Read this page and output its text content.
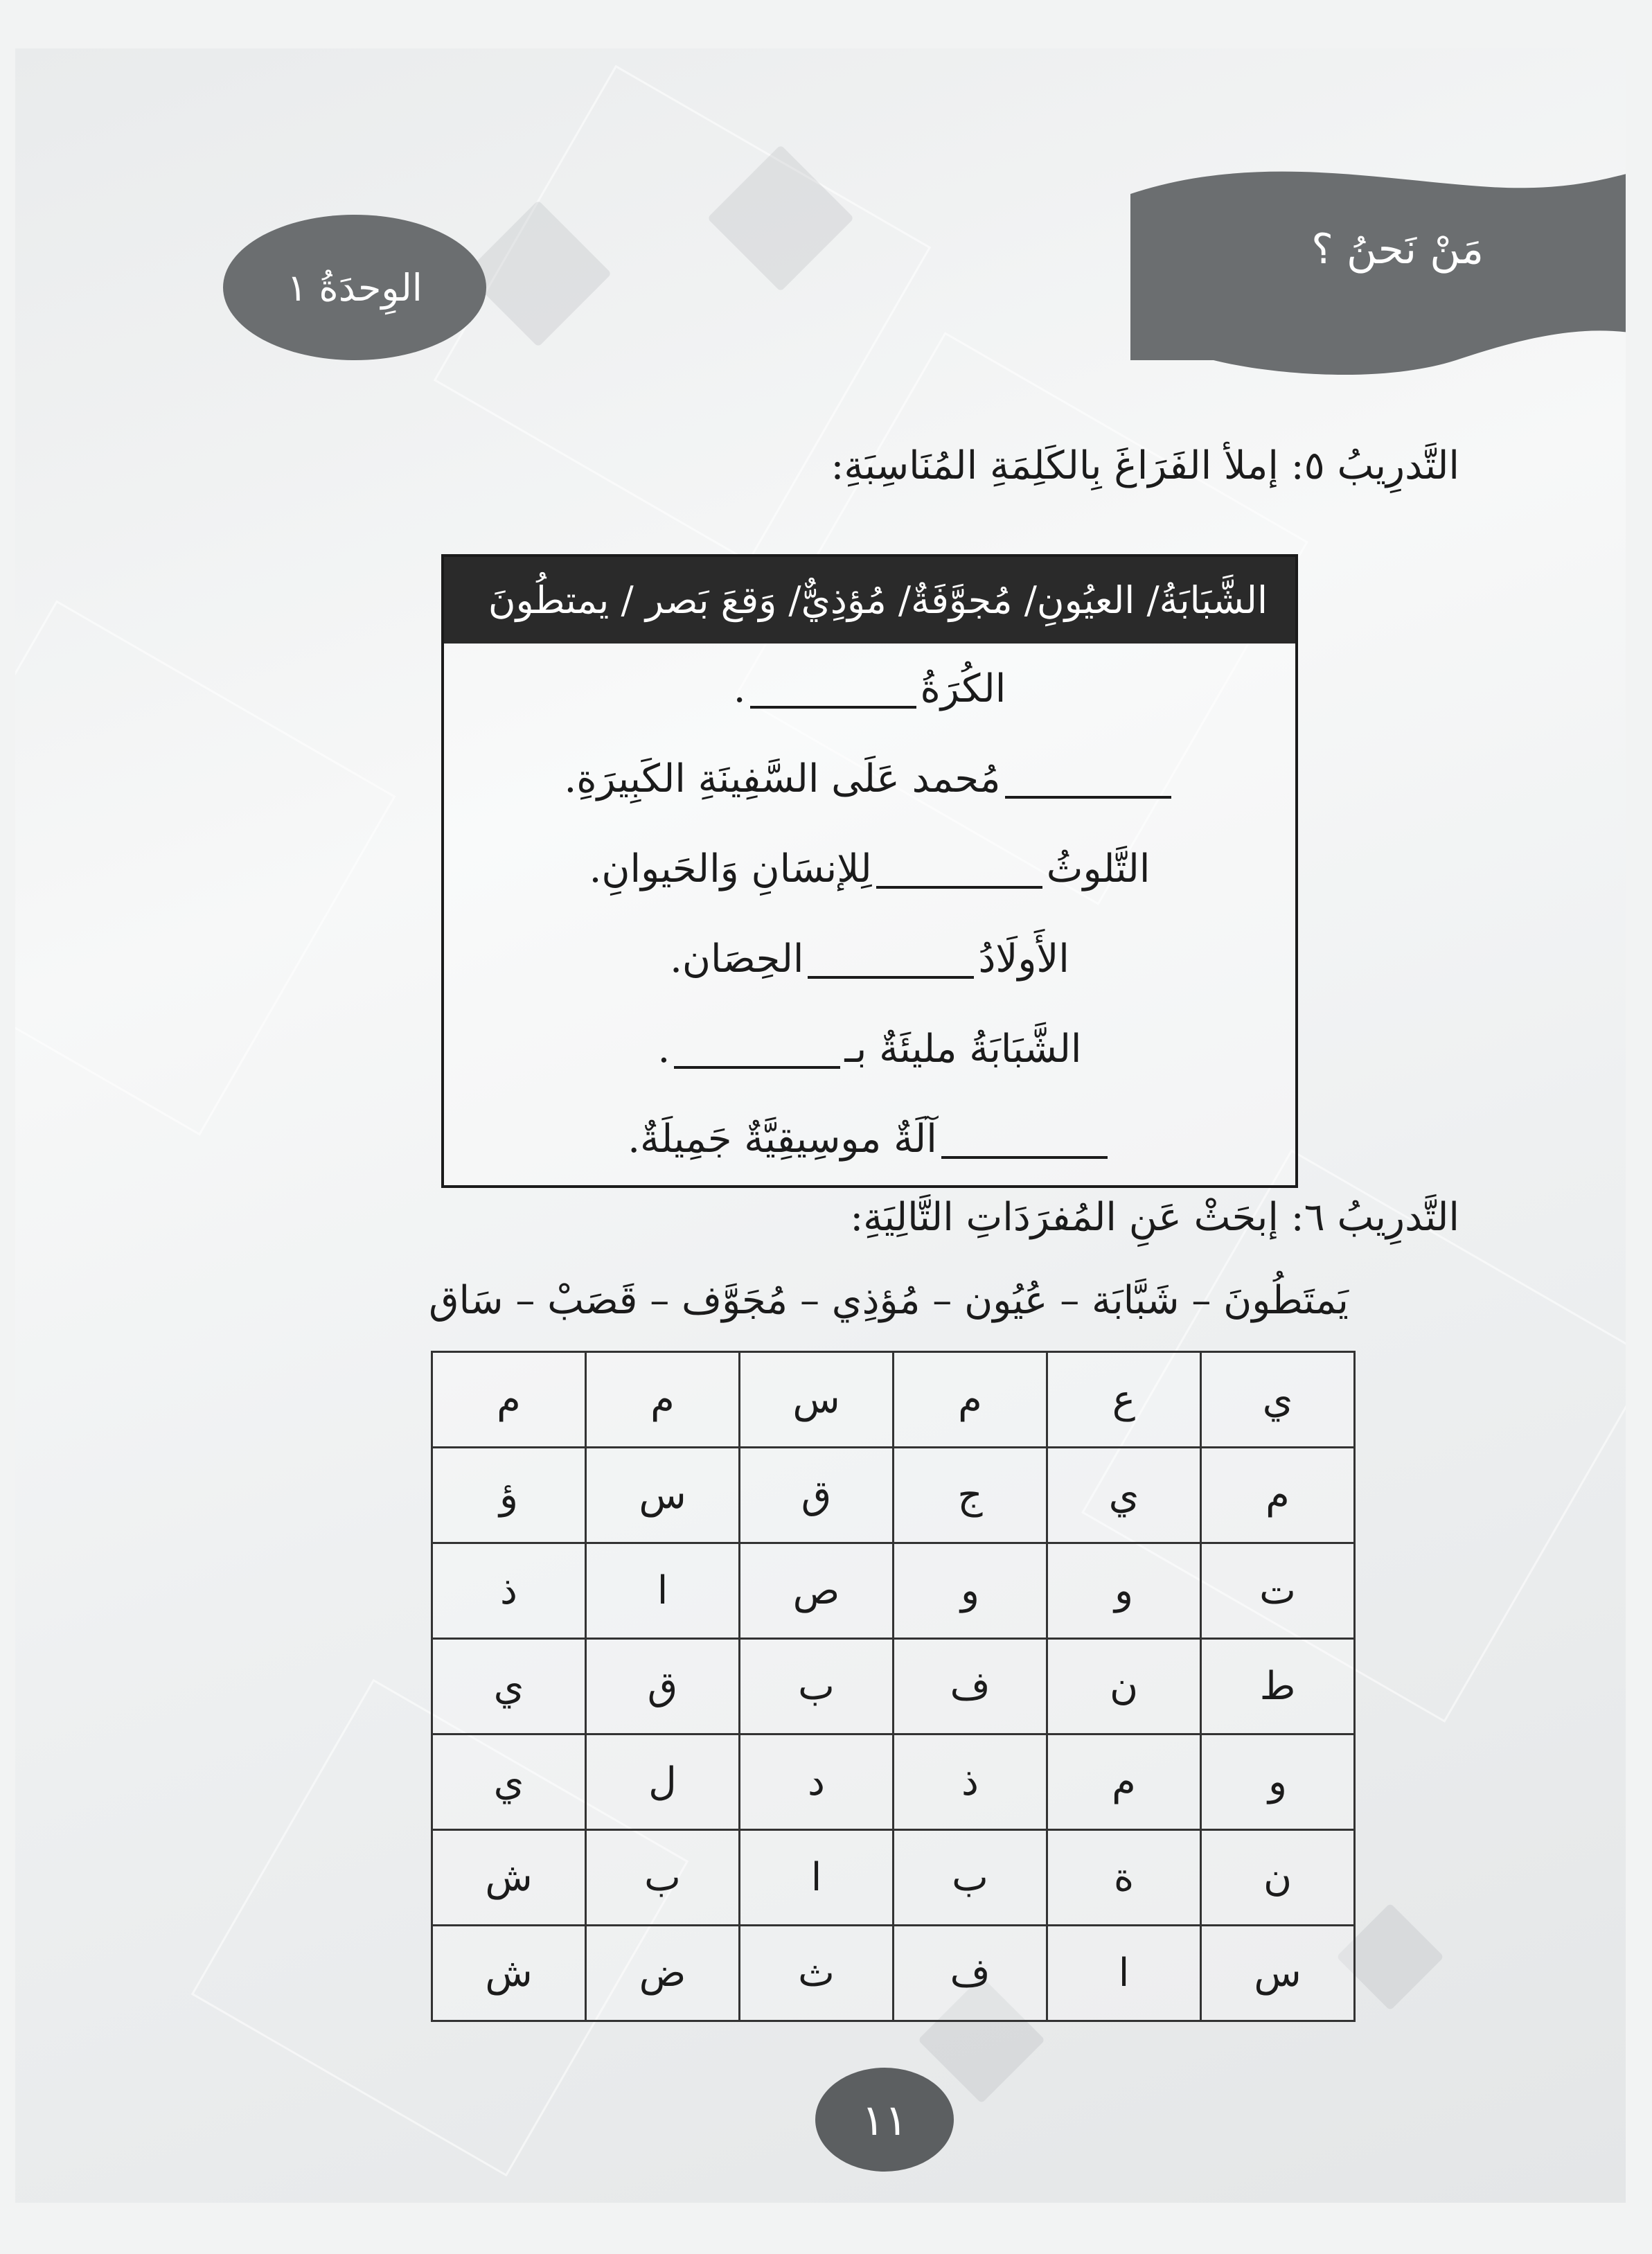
الوِحدَةُ ١
مَنْ نَحنُ ؟
التَّدرِيبُ ٥: إملأ الفَرَاغَ بِالكَلِمَةِ المُنَاسِبَةِ:
الشَّبَابَةُ/ العيُونِ/ مُجوَّفَةٌ/ مُؤذِيٌّ/ وَقعَ بَصر / يمتطُونَ
الكُرَةُ
.
مُحمد عَلَى السَّفِينَةِ الكَبِيرَةِ.
التَّلوثُ
لِلإنسَانِ وَالحَيوانِ.
الأَولَادُ
الحِصَان.
الشَّبَابَةُ مليئَةٌ بـ
.
آلَةٌ موسِيقِيَّةٌ جَمِيلَةٌ.
التَّدرِيبُ ٦: إبحَثْ عَنِ المُفرَدَاتِ التَّالِيَةِ:
يَمتَطُونَ – شَبَّابَة – عُيُون – مُؤذِي – مُجَوَّف – قَصَبْ – سَاق
ي	ع	م	س	م	م
م	ي	ج	ق	س	ؤ
ت	و	و	ص	ا	ذ
ط	ن	ف	ب	ق	ي
و	م	ذ	د	ل	ي
ن	ة	ب	ا	ب	ش
س	ا	ف	ث	ض	ش
١١
